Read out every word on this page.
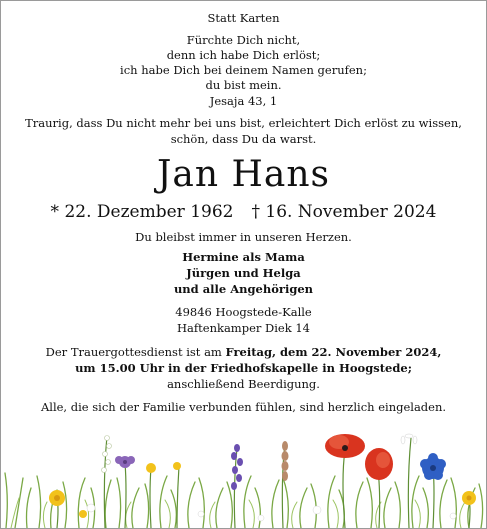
Statt Karten
Fürchte Dich nicht,
denn ich habe Dich erlöst;
ich habe Dich bei deinem Namen gerufen;
du bist mein.
Jesaja 43, 1
Traurig, dass Du nicht mehr bei uns bist, erleichtert Dich erlöst zu wissen,
schön, dass Du da warst.
Jan Hans
* 22. Dezember 1962 † 16. November 2024
Du bleibst immer in unseren Herzen.
Hermine als Mama
Jürgen und Helga
und alle Angehörigen
49846 Hoogstede-Kalle
Haftenkamper Diek 14
Der Trauergottesdienst ist am Freitag, dem 22. November 2024,
um 15.00 Uhr in der Friedhofskapelle in Hoogstede;
anschließend Beerdigung.
Alle, die sich der Familie verbunden fühlen, sind herzlich eingeladen.
